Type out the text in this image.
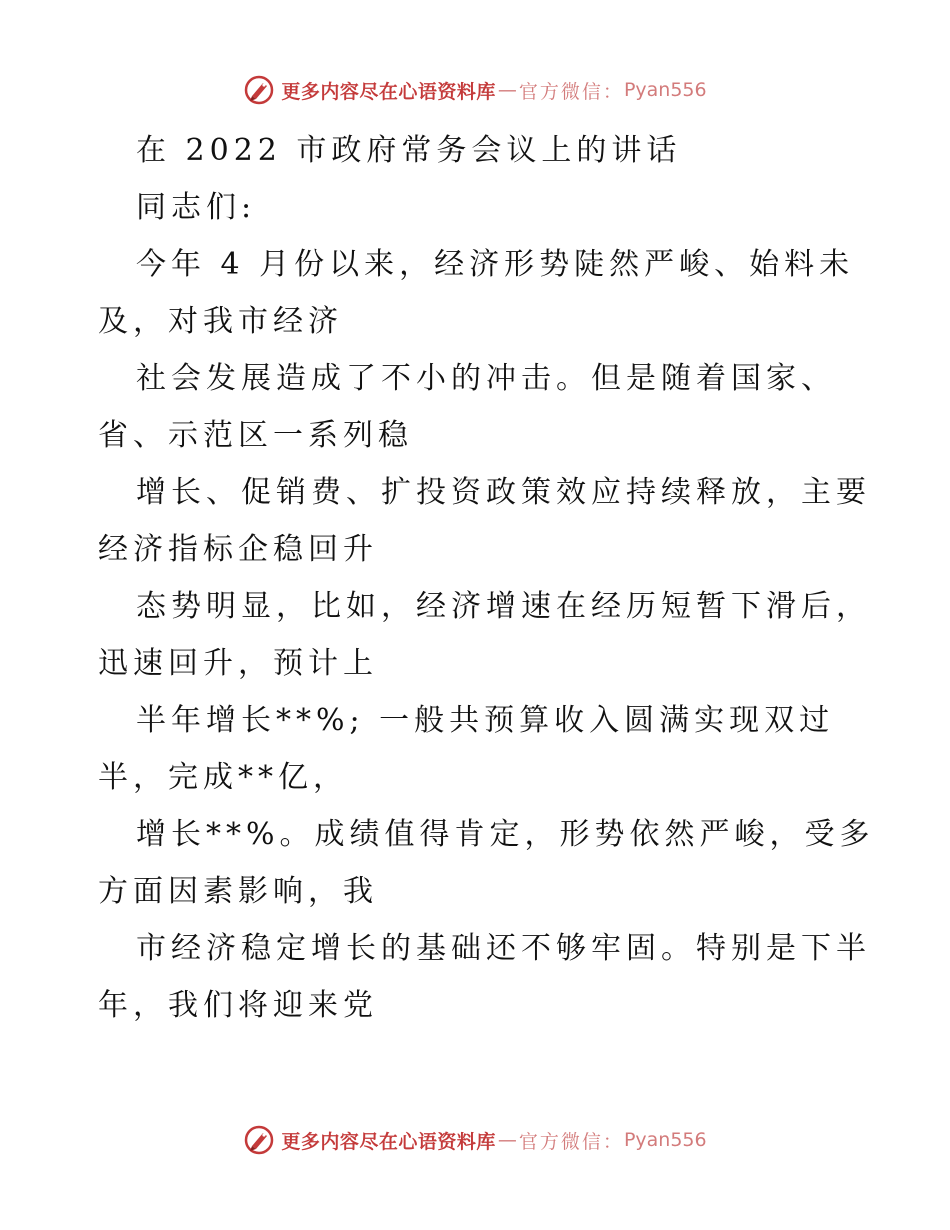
更多内容尽在心语资料库 — 官方微信： Pyan556
在 2022 市政府常务会议上的讲话
同志们:
今年 4 月份以来，经济形势陡然严峻、始料未
及，对我市经济
社会发展造成了不小的冲击。但是随着国家、
省、示范区一系列稳
增长、促销费、扩投资政策效应持续释放，主要
经济指标企稳回升
态势明显，比如，经济增速在经历短暂下滑后，
迅速回升，预计上
半年增长**%; 一般共预算收入圆满实现双过
半，完成**亿，
增长**%。成绩值得肯定，形势依然严峻，受多
方面因素影响，我
市经济稳定增长的基础还不够牢固。特别是下半
年，我们将迎来党
更多内容尽在心语资料库 — 官方微信： Pyan556
